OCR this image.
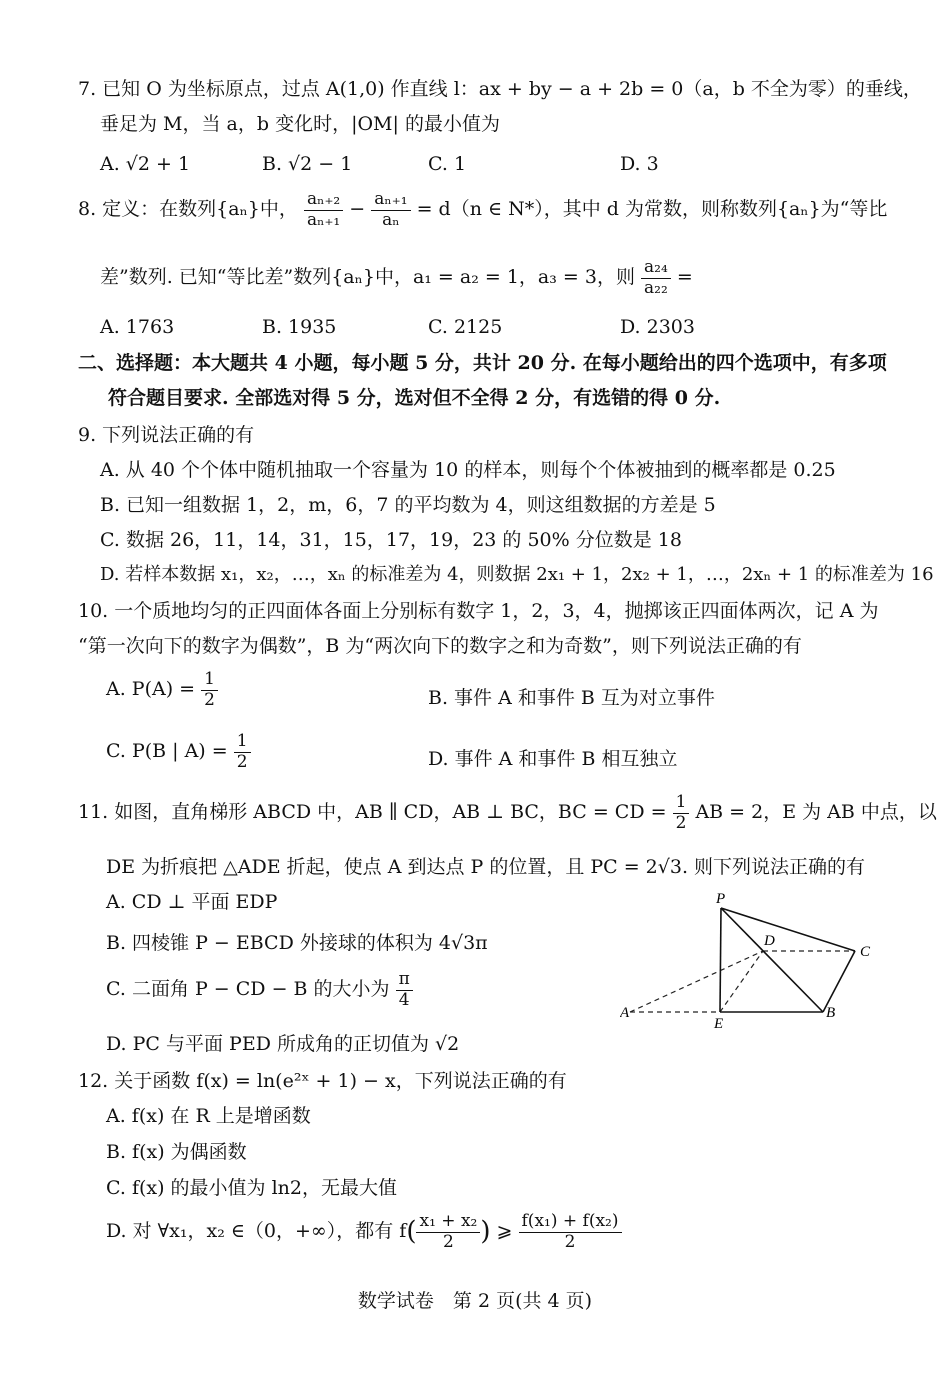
7. 已知 O 为坐标原点，过点 A(1,0) 作直线 l：ax + by − a + 2b = 0（a，b 不全为零）的垂线，
垂足为 M，当 a，b 变化时，|OM| 的最小值为
A. √2 + 1	B. √2 − 1	C. 1	D. 3
8. 定义：在数列{aₙ}中， $\frac{\text{aₙ₊₂}}{\text{aₙ₊₁}} - \frac{\text{aₙ₊₁}}{\text{aₙ}} = d(n$ ∈ N*），其中 d 为常数，则称数列{aₙ}为“等比
差”数列. 已知“等比差”数列{aₙ}中，a₁ = a₂ = 1，a₃ = 3，则 $\frac{\text{a₂₄}}{\text{a₂₂}}$ =
A. 1763	B. 1935	C. 2125	D. 2303
二、选择题：本大题共 4 小题，每小题 5 分，共计 20 分. 在每小题给出的四个选项中，有多项
符合题目要求. 全部选对得 5 分，选对但不全得 2 分，有选错的得 0 分.
9. 下列说法正确的有
A. 从 40 个个体中随机抽取一个容量为 10 的样本，则每个个体被抽到的概率都是 0.25
B. 已知一组数据 1，2，m，6，7 的平均数为 4，则这组数据的方差是 5
C. 数据 26，11，14，31，15，17，19，23 的 50% 分位数是 18
D. 若样本数据 x₁，x₂，…，xₙ 的标准差为 4，则数据 2x₁ + 1，2x₂ + 1，…，2xₙ + 1 的标准差为 16
10. 一个质地均匀的正四面体各面上分别标有数字 1，2，3，4，抛掷该正四面体两次，记 A 为
“第一次向下的数字为偶数”，B 为“两次向下的数字之和为奇数”，则下列说法正确的有
A. $P(A) = \frac{1}{2}$	B. 事件 A 和事件 B 互为对立事件
C. P(B | $A) = \frac{1}{2}$	D. 事件 A 和事件 B 相互独立
11. 如图，直角梯形 ABCD 中，AB ∥ CD，AB ⊥ BC，BC = CD = $\frac{1}{2}$ AB = 2，E 为 AB 中点，以
DE 为折痕把 △ADE 折起，使点 A 到达点 P 的位置，且 PC = 2√3. 则下列说法正确的有
A. CD ⊥ 平面 EDP
B. 四棱锥 P − EBCD 外接球的体积为 4√3π
C. 二面角 P − CD − B 的大小为 $\frac{\pi}{4}$
D. PC 与平面 PED 所成角的正切值为 √2
P
D
C
A
E
B
12. 关于函数 f(x) = ln(e²ˣ + 1) − x，下列说法正确的有
A. f(x) 在 R 上是增函数
B. f(x) 为偶函数
C. f(x) 的最小值为 ln2，无最大值
D. 对 ∀x₁，x₂ ∈（0，+∞），都有 $f( \frac{\text{x₁ + x₂}}{2}$ ) ⩾ $\frac{\text{f(x₁) + f(x₂)}}{2}$
数学试卷　第 2 页(共 4 页)
